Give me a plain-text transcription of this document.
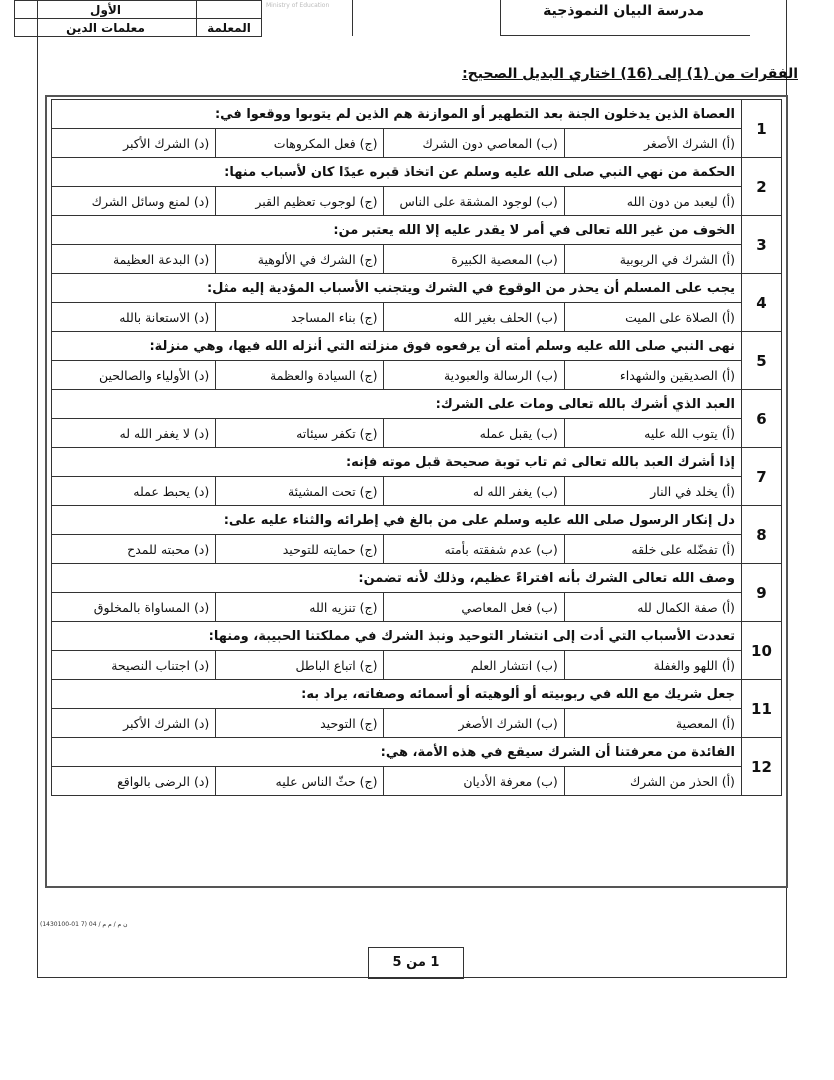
	الأول
المعلمة	معلمات الدين
Ministry of Education	مدرسة البيان النموذجية
الفقرات من (1) إلى (16) اختاري البديل الصحيح:
1	العصاة الذين يدخلون الجنة بعد التطهير أو الموازنة هم الذين لم يتوبوا ووقعوا في:			
	(أ) الشرك الأصغر	(ب) المعاصي دون الشرك	(ج) فعل المكروهات	(د) الشرك الأكبر
2	الحكمة من نهي النبي صلى الله عليه وسلم عن اتخاذ قبره عيدًا كان لأسباب منها:			
	(أ) ليعبد من دون الله	(ب) لوجود المشقة على الناس	(ج) لوجوب تعظيم القبر	(د) لمنع وسائل الشرك
3	الخوف من غير الله تعالى في أمر لا يقدر عليه إلا الله يعتبر من:			
	(أ) الشرك في الربوبية	(ب) المعصية الكبيرة	(ج) الشرك في الألوهية	(د) البدعة العظيمة
4	يجب على المسلم أن يحذر من الوقوع في الشرك ويتجنب الأسباب المؤدية إليه مثل:			
	(أ) الصلاة على الميت	(ب) الحلف بغير الله	(ج) بناء المساجد	(د) الاستعانة بالله
5	نهى النبي صلى الله عليه وسلم أمته أن يرفعوه فوق منزلته التي أنزله الله فيها، وهي منزلة:			
	(أ) الصديقين والشهداء	(ب) الرسالة والعبودية	(ج) السيادة والعظمة	(د) الأولياء والصالحين
6	العبد الذي أشرك بالله تعالى ومات على الشرك:			
	(أ) يتوب الله عليه	(ب) يقبل عمله	(ج) تكفر سيئاته	(د) لا يغفر الله له
7	إذا أشرك العبد بالله تعالى ثم تاب توبة صحيحة قبل موته فإنه:			
	(أ) يخلد في النار	(ب) يغفر الله له	(ج) تحت المشيئة	(د) يحبط عمله
8	دل إنكار الرسول صلى الله عليه وسلم على من بالغ في إطرائه والثناء عليه على:			
	(أ) تفضّله على خلقه	(ب) عدم شفقته بأمته	(ج) حمايته للتوحيد	(د) محبته للمدح
9	وصف الله تعالى الشرك بأنه افتراءً عظيم، وذلك لأنه تضمن:			
	(أ) صفة الكمال لله	(ب) فعل المعاصي	(ج) تنزيه الله	(د) المساواة بالمخلوق
10	تعددت الأسباب التي أدت إلى انتشار التوحيد ونبذ الشرك في مملكتنا الحبيبة، ومنها:			
	(أ) اللهو والغفلة	(ب) انتشار العلم	(ج) اتباع الباطل	(د) اجتناب النصيحة
11	جعل شريك مع الله في ربوبيته أو ألوهيته أو أسمائه وصفاته، يراد به:			
	(أ) المعصية	(ب) الشرك الأصغر	(ج) التوحيد	(د) الشرك الأكبر
12	الفائدة من معرفتنا أن الشرك سيقع في هذه الأمة، هي:			
	(أ) الحذر من الشرك	(ب) معرفة الأديان	(ج) حثّ الناس عليه	(د) الرضى بالواقع
ن م / م م / 04 (7 01-1430100)
1 من 5
